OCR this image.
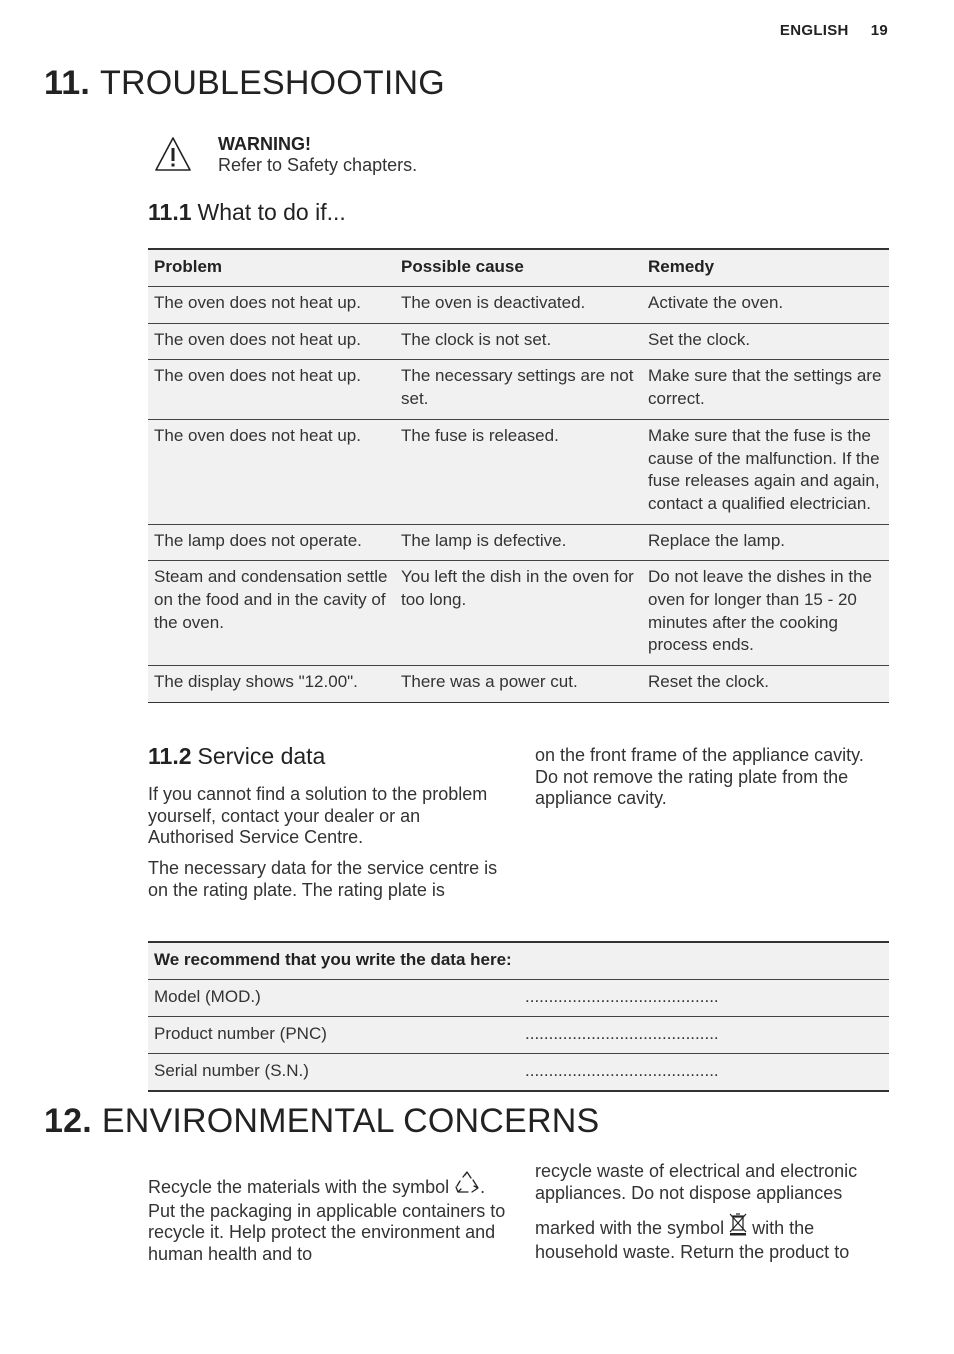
ENGLISH 19
11. TROUBLESHOOTING
WARNING!
Refer to Safety chapters.
11.1 What to do if...
Problem	Possible cause	Remedy
The oven does not heat up.	The oven is deactivated.	Activate the oven.
The oven does not heat up.	The clock is not set.	Set the clock.
The oven does not heat up.	The necessary settings are not set.	Make sure that the settings are correct.
The oven does not heat up.	The fuse is released.	Make sure that the fuse is the cause of the malfunction. If the fuse releases again and again, contact a qualified electrician.
The lamp does not operate.	The lamp is defective.	Replace the lamp.
Steam and condensation settle on the food and in the cavity of the oven.	You left the dish in the oven for too long.	Do not leave the dishes in the oven for longer than 15 - 20 minutes after the cooking process ends.
The display shows "12.00".	There was a power cut.	Reset the clock.
11.2 Service data
If you cannot find a solution to the problem yourself, contact your dealer or an Authorised Service Centre.
The necessary data for the service centre is on the rating plate. The rating plate is
on the front frame of the appliance cavity. Do not remove the rating plate from the appliance cavity.
We recommend that you write the data here:	
Model (MOD.)	.........................................
Product number (PNC)	.........................................
Serial number (S.N.)	.........................................
12. ENVIRONMENTAL CONCERNS
Recycle the materials with the symbol . Put the packaging in applicable containers to recycle it. Help protect the environment and human health and to
recycle waste of electrical and electronic appliances. Do not dispose appliances
marked with the symbol with the household waste. Return the product to
